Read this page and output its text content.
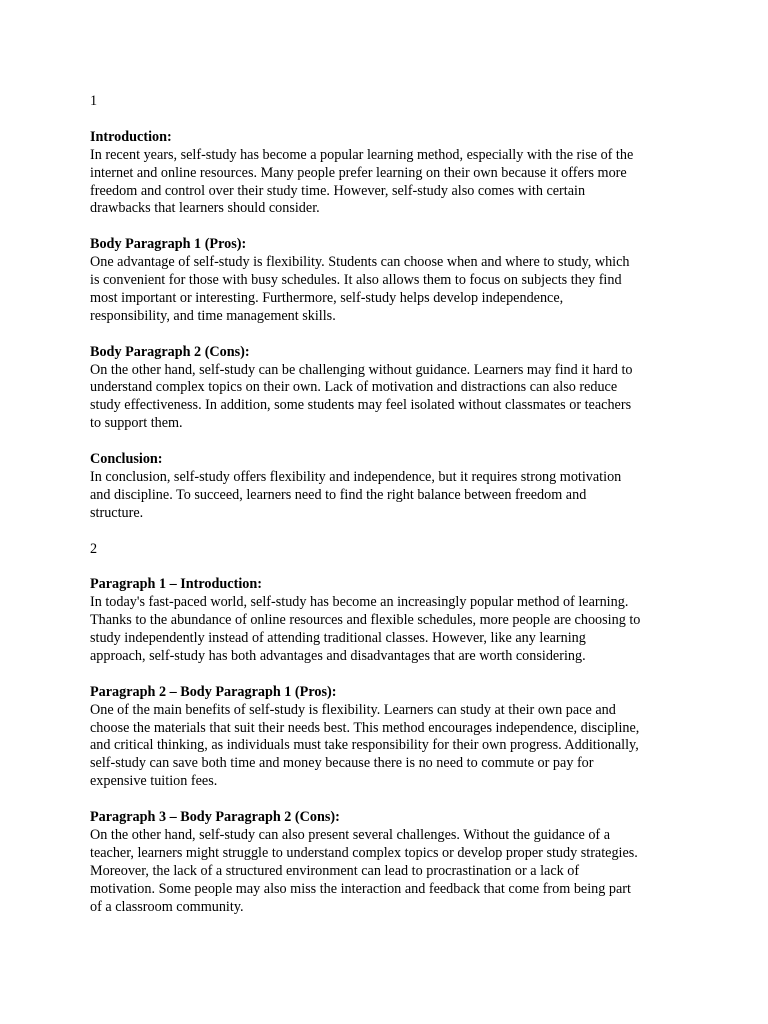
1

Introduction:

In recent years, self-study has become a popular learning method, especially with the rise of the

internet and online resources. Many people prefer learning on their own because it offers more

freedom and control over their study time. However, self-study also comes with certain

drawbacks that learners should consider.

Body Paragraph 1 (Pros):

One advantage of self-study is flexibility. Students can choose when and where to study, which

is convenient for those with busy schedules. It also allows them to focus on subjects they find

most important or interesting. Furthermore, self-study helps develop independence,

responsibility, and time management skills.

Body Paragraph 2 (Cons):

On the other hand, self-study can be challenging without guidance. Learners may find it hard to

understand complex topics on their own. Lack of motivation and distractions can also reduce

study effectiveness. In addition, some students may feel isolated without classmates or teachers

to support them.

Conclusion:

In conclusion, self-study offers flexibility and independence, but it requires strong motivation

and discipline. To succeed, learners need to find the right balance between freedom and

structure.

2

Paragraph 1 – Introduction:

In today's fast-paced world, self-study has become an increasingly popular method of learning.

Thanks to the abundance of online resources and flexible schedules, more people are choosing to

study independently instead of attending traditional classes. However, like any learning

approach, self-study has both advantages and disadvantages that are worth considering.

Paragraph 2 – Body Paragraph 1 (Pros):

One of the main benefits of self-study is flexibility. Learners can study at their own pace and

choose the materials that suit their needs best. This method encourages independence, discipline,

and critical thinking, as individuals must take responsibility for their own progress. Additionally,

self-study can save both time and money because there is no need to commute or pay for

expensive tuition fees.

Paragraph 3 – Body Paragraph 2 (Cons):

On the other hand, self-study can also present several challenges. Without the guidance of a

teacher, learners might struggle to understand complex topics or develop proper study strategies.

Moreover, the lack of a structured environment can lead to procrastination or a lack of

motivation. Some people may also miss the interaction and feedback that come from being part

of a classroom community.
